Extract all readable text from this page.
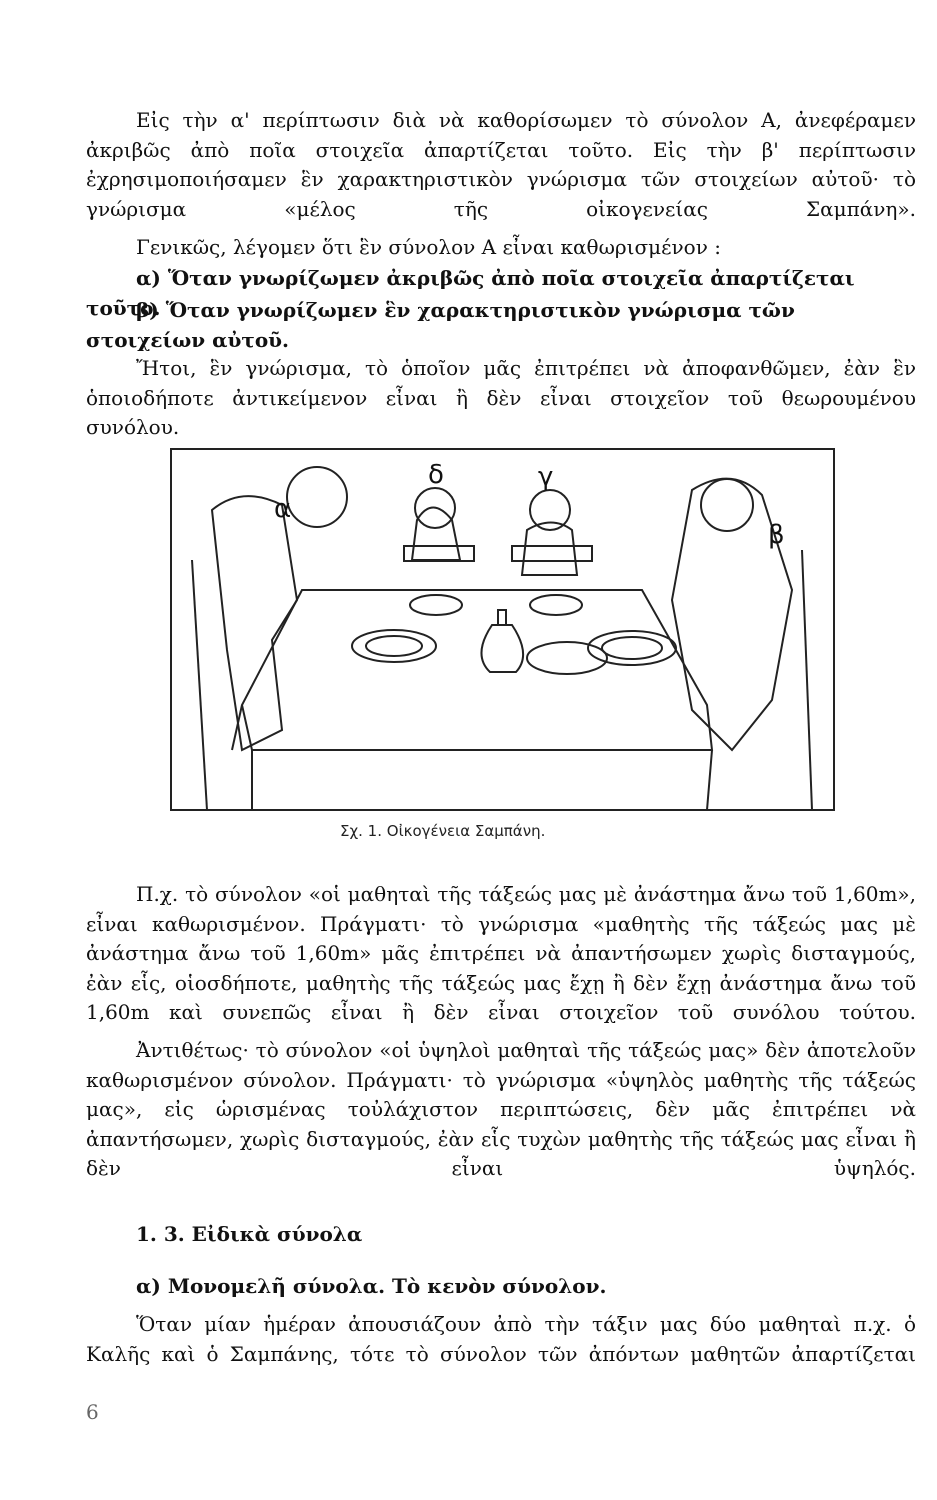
Εἰς τὴν α' περίπτωσιν διὰ νὰ καθορίσωμεν τὸ σύνολον Α, ἀνεφέραμεν ἀκριβῶς ἀπὸ ποῖα στοιχεῖα ἀπαρτίζεται τοῦτο. Εἰς τὴν β' περίπτωσιν ἐχρησιμοποιήσαμεν ἓν χαρακτηριστικὸν γνώρισμα τῶν στοιχείων αὐτοῦ· τὸ γνώρισμα «μέλος τῆς οἰκογενείας Σαμπάνη».

Γενικῶς, λέγομεν ὅτι ἓν σύνολον Α εἶναι καθωρισμένον :

α) Ὅταν γνωρίζωμεν ἀκριβῶς ἀπὸ ποῖα στοιχεῖα ἀπαρτίζεται τοῦτο.

β) Ὅταν γνωρίζωμεν ἓν χαρακτηριστικὸν γνώρισμα τῶν στοιχείων αὐτοῦ.

Ἤτοι, ἓν γνώρισμα, τὸ ὁποῖον μᾶς ἐπιτρέπει νὰ ἀποφανθῶμεν, ἐὰν ἓν ὁποιοδήποτε ἀντικείμενον εἶναι ἢ δὲν εἶναι στοιχεῖον τοῦ θεωρουμένου συνόλου.

α
δ	γ
β
Σχ. 1. Οἰκογένεια Σαμπάνη.

Π.χ. τὸ σύνολον «οἱ μαθηταὶ τῆς τάξεώς μας μὲ ἀνάστημα ἄνω τοῦ 1,60m», εἶναι καθωρισμένον. Πράγματι· τὸ γνώρισμα «μαθητὴς τῆς τάξεώς μας μὲ ἀνάστημα ἄνω τοῦ 1,60m» μᾶς ἐπιτρέπει νὰ ἀπαντήσωμεν χωρὶς δισταγμούς, ἐὰν εἷς, οἱοσδήποτε, μαθητὴς τῆς τάξεώς μας ἔχῃ ἢ δὲν ἔχῃ ἀνάστημα ἄνω τοῦ 1,60m καὶ συνεπῶς εἶναι ἢ δὲν εἶναι στοιχεῖον τοῦ συνόλου τούτου.

Ἀντιθέτως· τὸ σύνολον «οἱ ὑψηλοὶ μαθηταὶ τῆς τάξεώς μας» δὲν ἀποτελοῦν καθωρισμένον σύνολον. Πράγματι· τὸ γνώρισμα «ὑψηλὸς μαθητὴς τῆς τάξεώς μας», εἰς ὡρισμένας τοὐλάχιστον περιπτώσεις, δὲν μᾶς ἐπιτρέπει νὰ ἀπαντήσωμεν, χωρὶς δισταγμούς, ἐὰν εἷς τυχὼν μαθητὴς τῆς τάξεώς μας εἶναι ἢ δὲν εἶναι ὑψηλός.

1. 3. Εἰδικὰ σύνολα
α) Μονομελῆ σύνολα. Τὸ κενὸν σύνολον.

Ὅταν μίαν ἡμέραν ἀπουσιάζουν ἀπὸ τὴν τάξιν μας δύο μαθηταὶ π.χ. ὁ Καλῆς καὶ ὁ Σαμπάνης, τότε τὸ σύνολον τῶν ἀπόντων μαθητῶν ἀπαρτίζεται

6
